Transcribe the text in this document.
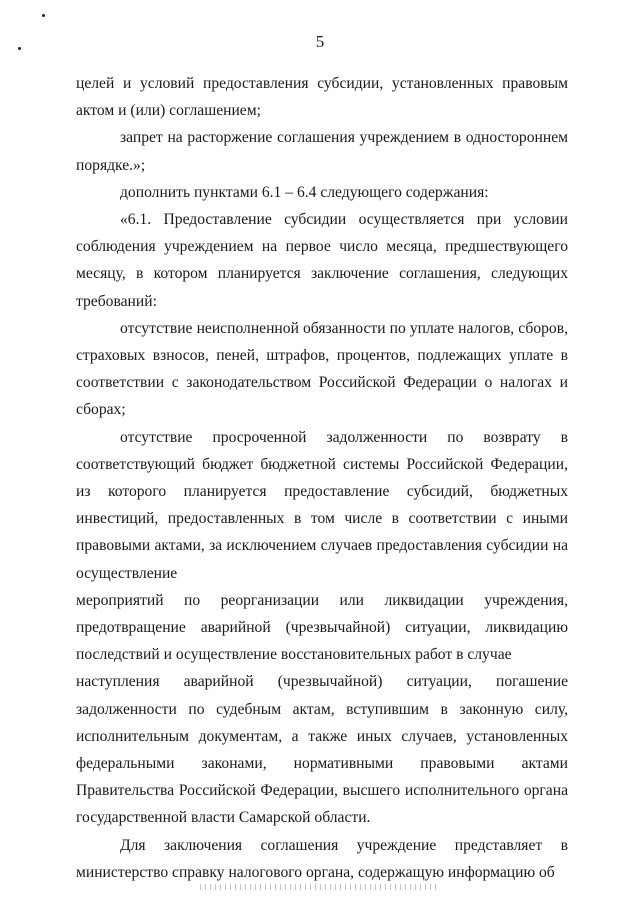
5

целей и условий предоставления субсидии, установленных правовым актом и (или) соглашением;

запрет на расторжение соглашения учреждением в одностороннем порядке.»;

дополнить пунктами 6.1 – 6.4 следующего содержания:

«6.1. Предоставление субсидии осуществляется при условии соблюдения учреждением на первое число месяца, предшествующего месяцу, в котором планируется заключение соглашения, следующих требований:

отсутствие неисполненной обязанности по уплате налогов, сборов, страховых взносов, пеней, штрафов, процентов, подлежащих уплате в соответствии с законодательством Российской Федерации о налогах и сборах;

отсутствие просроченной задолженности по возврату в

соответствующий бюджет бюджетной системы Российской Федерации, из которого планируется предоставление субсидий, бюджетных инвестиций, предоставленных в том числе в соответствии с иными правовыми актами, за исключением случаев предоставления субсидии на осуществление

мероприятий по реорганизации или ликвидации учреждения,

предотвращение аварийной (чрезвычайной) ситуации, ликвидацию последствий и осуществление восстановительных работ в случае

наступления аварийной (чрезвычайной) ситуации, погашение

задолженности по судебным актам, вступившим в законную силу, исполнительным документам, а также иных случаев, установленных федеральными законами, нормативными правовыми актами Правительства Российской Федерации, высшего исполнительного органа государственной власти Самарской области.

Для заключения соглашения учреждение представляет в

министерство справку налогового органа, содержащую информацию об
